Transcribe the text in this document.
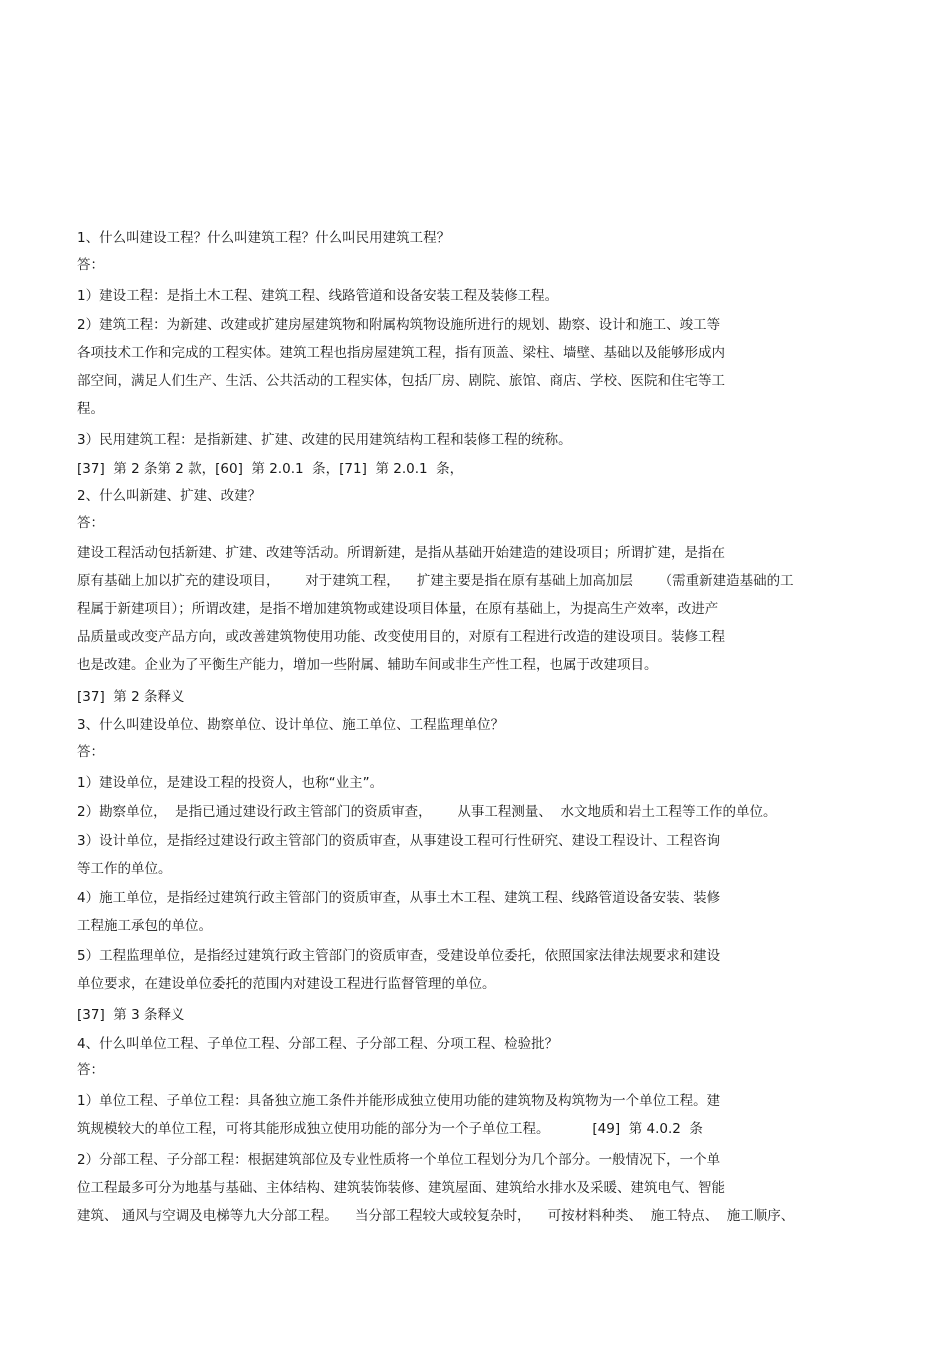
1、什么叫建设工程？什么叫建筑工程？什么叫民用建筑工程？
答：
1）建设工程：是指土木工程、建筑工程、线路管道和设备安装工程及装修工程。
2）建筑工程：为新建、改建或扩建房屋建筑物和附属构筑物设施所进行的规划、勘察、设计和施工、竣工等
各项技术工作和完成的工程实体。建筑工程也指房屋建筑工程，指有顶盖、梁柱、墙壁、基础以及能够形成内
部空间，满足人们生产、生活、公共活动的工程实体，包括厂房、剧院、旅馆、商店、学校、医院和住宅等工
程。
3）民用建筑工程：是指新建、扩建、改建的民用建筑结构工程和装修工程的统称。
[37]  第 2 条第 2 款，[60]  第 2.0.1  条，[71]  第 2.0.1  条，
2、什么叫新建、扩建、改建？
答：
建设工程活动包括新建、扩建、改建等活动。所谓新建，是指从基础开始建造的建设项目；所谓扩建，是指在
原有基础上加以扩充的建设项目，      对于建筑工程，    扩建主要是指在原有基础上加高加层      （需重新建造基础的工
程属于新建项目）；所谓改建，是指不增加建筑物或建设项目体量，在原有基础上，为提高生产效率，改进产
品质量或改变产品方向，或改善建筑物使用功能、改变使用目的，对原有工程进行改造的建设项目。装修工程
也是改建。企业为了平衡生产能力，增加一些附属、辅助车间或非生产性工程，也属于改建项目。
[37]  第 2 条释义
3、什么叫建设单位、勘察单位、设计单位、施工单位、工程监理单位？
答：
1）建设单位，是建设工程的投资人，也称“业主”。
2）勘察单位，  是指已通过建设行政主管部门的资质审查，      从事工程测量、  水文地质和岩土工程等工作的单位。
3）设计单位，是指经过建设行政主管部门的资质审查，从事建设工程可行性研究、建设工程设计、工程咨询
等工作的单位。
4）施工单位，是指经过建筑行政主管部门的资质审查，从事土木工程、建筑工程、线路管道设备安装、装修
工程施工承包的单位。
5）工程监理单位，是指经过建筑行政主管部门的资质审查，受建设单位委托，依照国家法律法规要求和建设
单位要求，在建设单位委托的范围内对建设工程进行监督管理的单位。
[37]  第 3 条释义
4、什么叫单位工程、子单位工程、分部工程、子分部工程、分项工程、检验批？
答：
1）单位工程、子单位工程：具备独立施工条件并能形成独立使用功能的建筑物及构筑物为一个单位工程。建
筑规模较大的单位工程，可将其能形成独立使用功能的部分为一个子单位工程。          [49]  第 4.0.2  条
2）分部工程、子分部工程：根据建筑部位及专业性质将一个单位工程划分为几个部分。一般情况下，一个单
位工程最多可分为地基与基础、主体结构、建筑装饰装修、建筑屋面、建筑给水排水及采暖、建筑电气、智能
建筑、 通风与空调及电梯等九大分部工程。    当分部工程较大或较复杂时，    可按材料种类、  施工特点、  施工顺序、
